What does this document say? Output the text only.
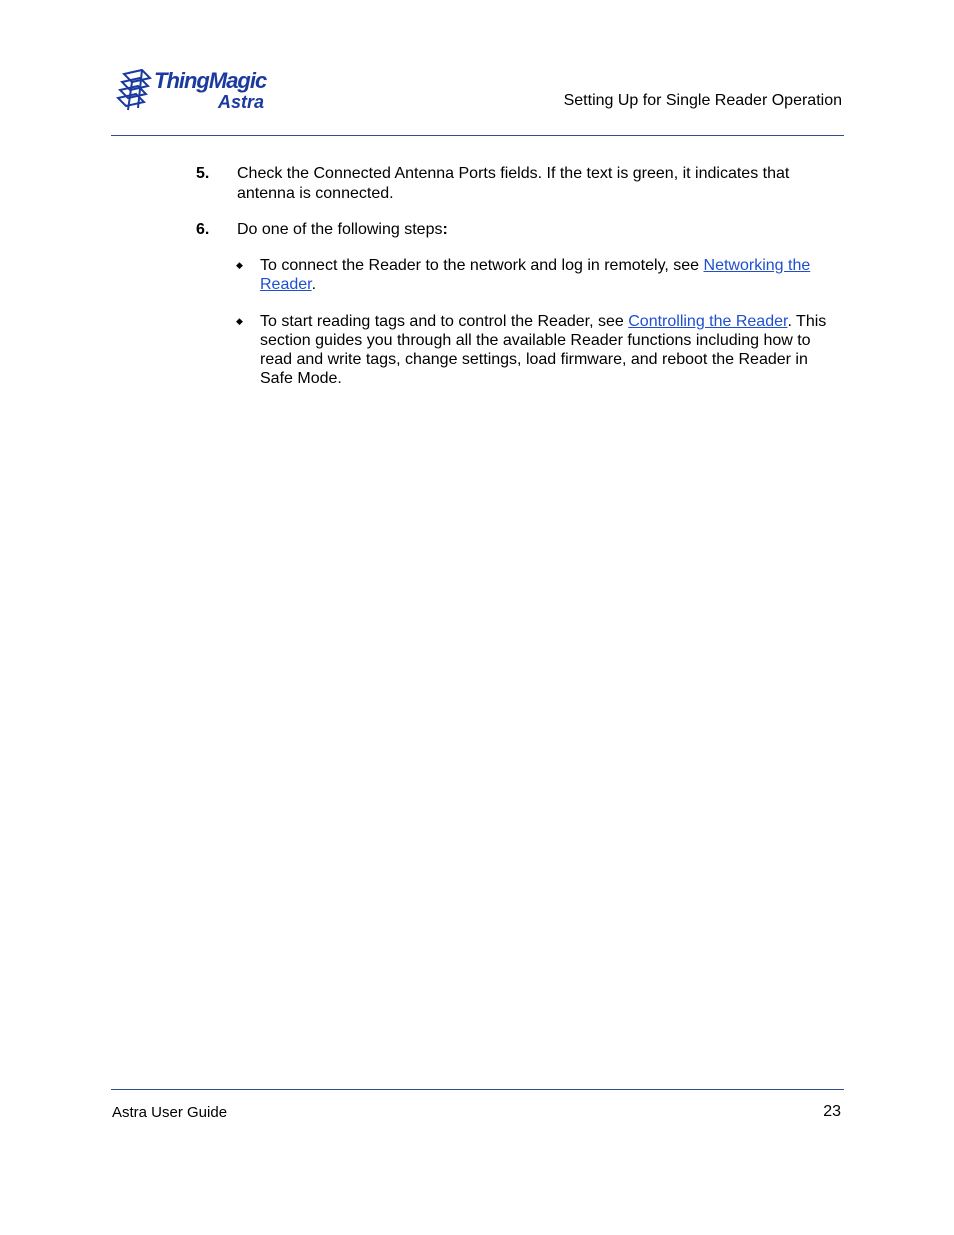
ThingMagic
Astra	Setting Up for Single Reader Operation
5. Check the Connected Antenna Ports fields. If the text is green, it indicates that antenna is connected.
6. Do one of the following steps:
◆ To connect the Reader to the network and log in remotely, see Networking the Reader.
◆ To start reading tags and to control the Reader, see Controlling the Reader. This section guides you through all the available Reader functions including how to read and write tags, change settings, load firmware, and reboot the Reader in Safe Mode.
Astra User Guide	23
